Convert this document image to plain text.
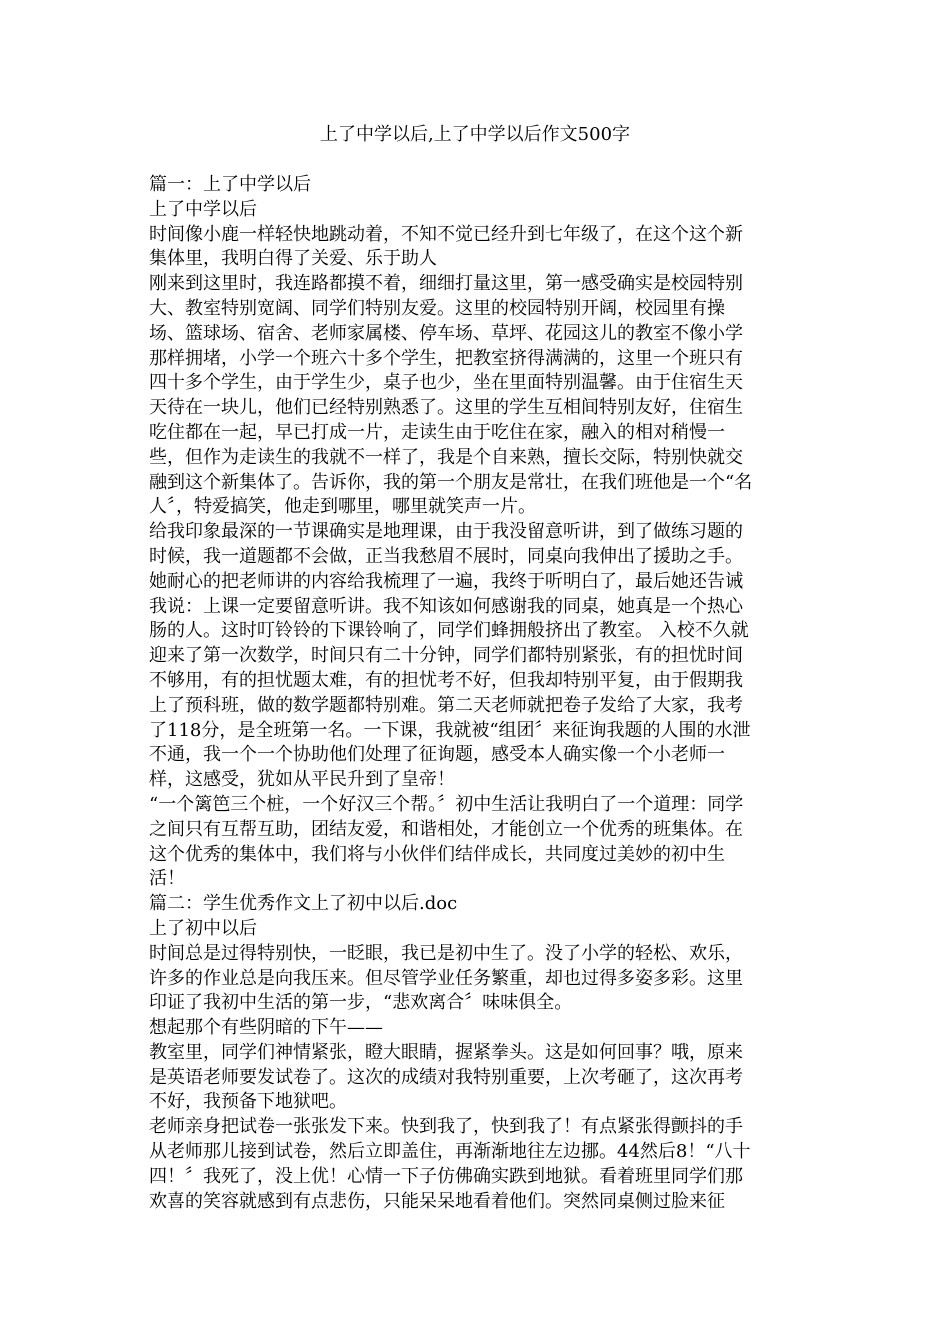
上了中学以后,上了中学以后作文500字

篇一：上了中学以后

上了中学以后

时间像小鹿一样轻快地跳动着，不知不觉已经升到七年级了，在这个这个新

集体里，我明白得了关爱、乐于助人

刚来到这里时，我连路都摸不着，细细打量这里，第一感受确实是校园特别

大、教室特别宽阔、同学们特别友爱。这里的校园特别开阔，校园里有操

场、篮球场、宿舍、老师家属楼、停车场、草坪、花园这儿的教室不像小学

那样拥堵，小学一个班六十多个学生，把教室挤得满满的，这里一个班只有

四十多个学生，由于学生少，桌子也少，坐在里面特别温馨。由于住宿生天

天待在一块儿，他们已经特别熟悉了。这里的学生互相间特别友好，住宿生

吃住都在一起，早已打成一片，走读生由于吃住在家，融入的相对稍慢一

些，但作为走读生的我就不一样了，我是个自来熟，擅长交际，特别快就交

融到这个新集体了。告诉你，我的第一个朋友是常壮，在我们班他是一个“名

人〞，特爱搞笑，他走到哪里，哪里就笑声一片。

给我印象最深的一节课确实是地理课，由于我没留意听讲，到了做练习题的

时候，我一道题都不会做，正当我愁眉不展时，同桌向我伸出了援助之手。

她耐心的把老师讲的内容给我梳理了一遍，我终于听明白了，最后她还告诫

我说：上课一定要留意听讲。我不知该如何感谢我的同桌，她真是一个热心

肠的人。这时叮铃铃的下课铃响了，同学们蜂拥般挤出了教室。 入校不久就

迎来了第一次数学，时间只有二十分钟，同学们都特别紧张，有的担忧时间

不够用，有的担忧题太难，有的担忧考不好，但我却特别平复，由于假期我

上了预科班，做的数学题都特别难。第二天老师就把卷子发给了大家，我考

了118分，是全班第一名。一下课，我就被“组团〞来征询我题的人围的水泄

不通，我一个一个协助他们处理了征询题，感受本人确实像一个小老师一

样，这感受，犹如从平民升到了皇帝！

“一个篱笆三个桩，一个好汉三个帮。〞初中生活让我明白了一个道理：同学

之间只有互帮互助，团结友爱，和谐相处，才能创立一个优秀的班集体。在

这个优秀的集体中，我们将与小伙伴们结伴成长，共同度过美妙的初中生

活！

篇二：学生优秀作文上了初中以后.doc

上了初中以后

时间总是过得特别快，一眨眼，我已是初中生了。没了小学的轻松、欢乐，

许多的作业总是向我压来。但尽管学业任务繁重，却也过得多姿多彩。这里

印证了我初中生活的第一步，“悲欢离合〞味味俱全。

想起那个有些阴暗的下午——

教室里，同学们神情紧张，瞪大眼睛，握紧拳头。这是如何回事？哦，原来

是英语老师要发试卷了。这次的成绩对我特别重要，上次考砸了，这次再考

不好，我预备下地狱吧。

老师亲身把试卷一张张发下来。快到我了，快到我了！有点紧张得颤抖的手

从老师那儿接到试卷，然后立即盖住，再渐渐地往左边挪。44然后8！“八十

四！〞我死了，没上优！心情一下子仿佛确实跌到地狱。看着班里同学们那

欢喜的笑容就感到有点悲伤，只能呆呆地看着他们。突然同桌侧过脸来征
